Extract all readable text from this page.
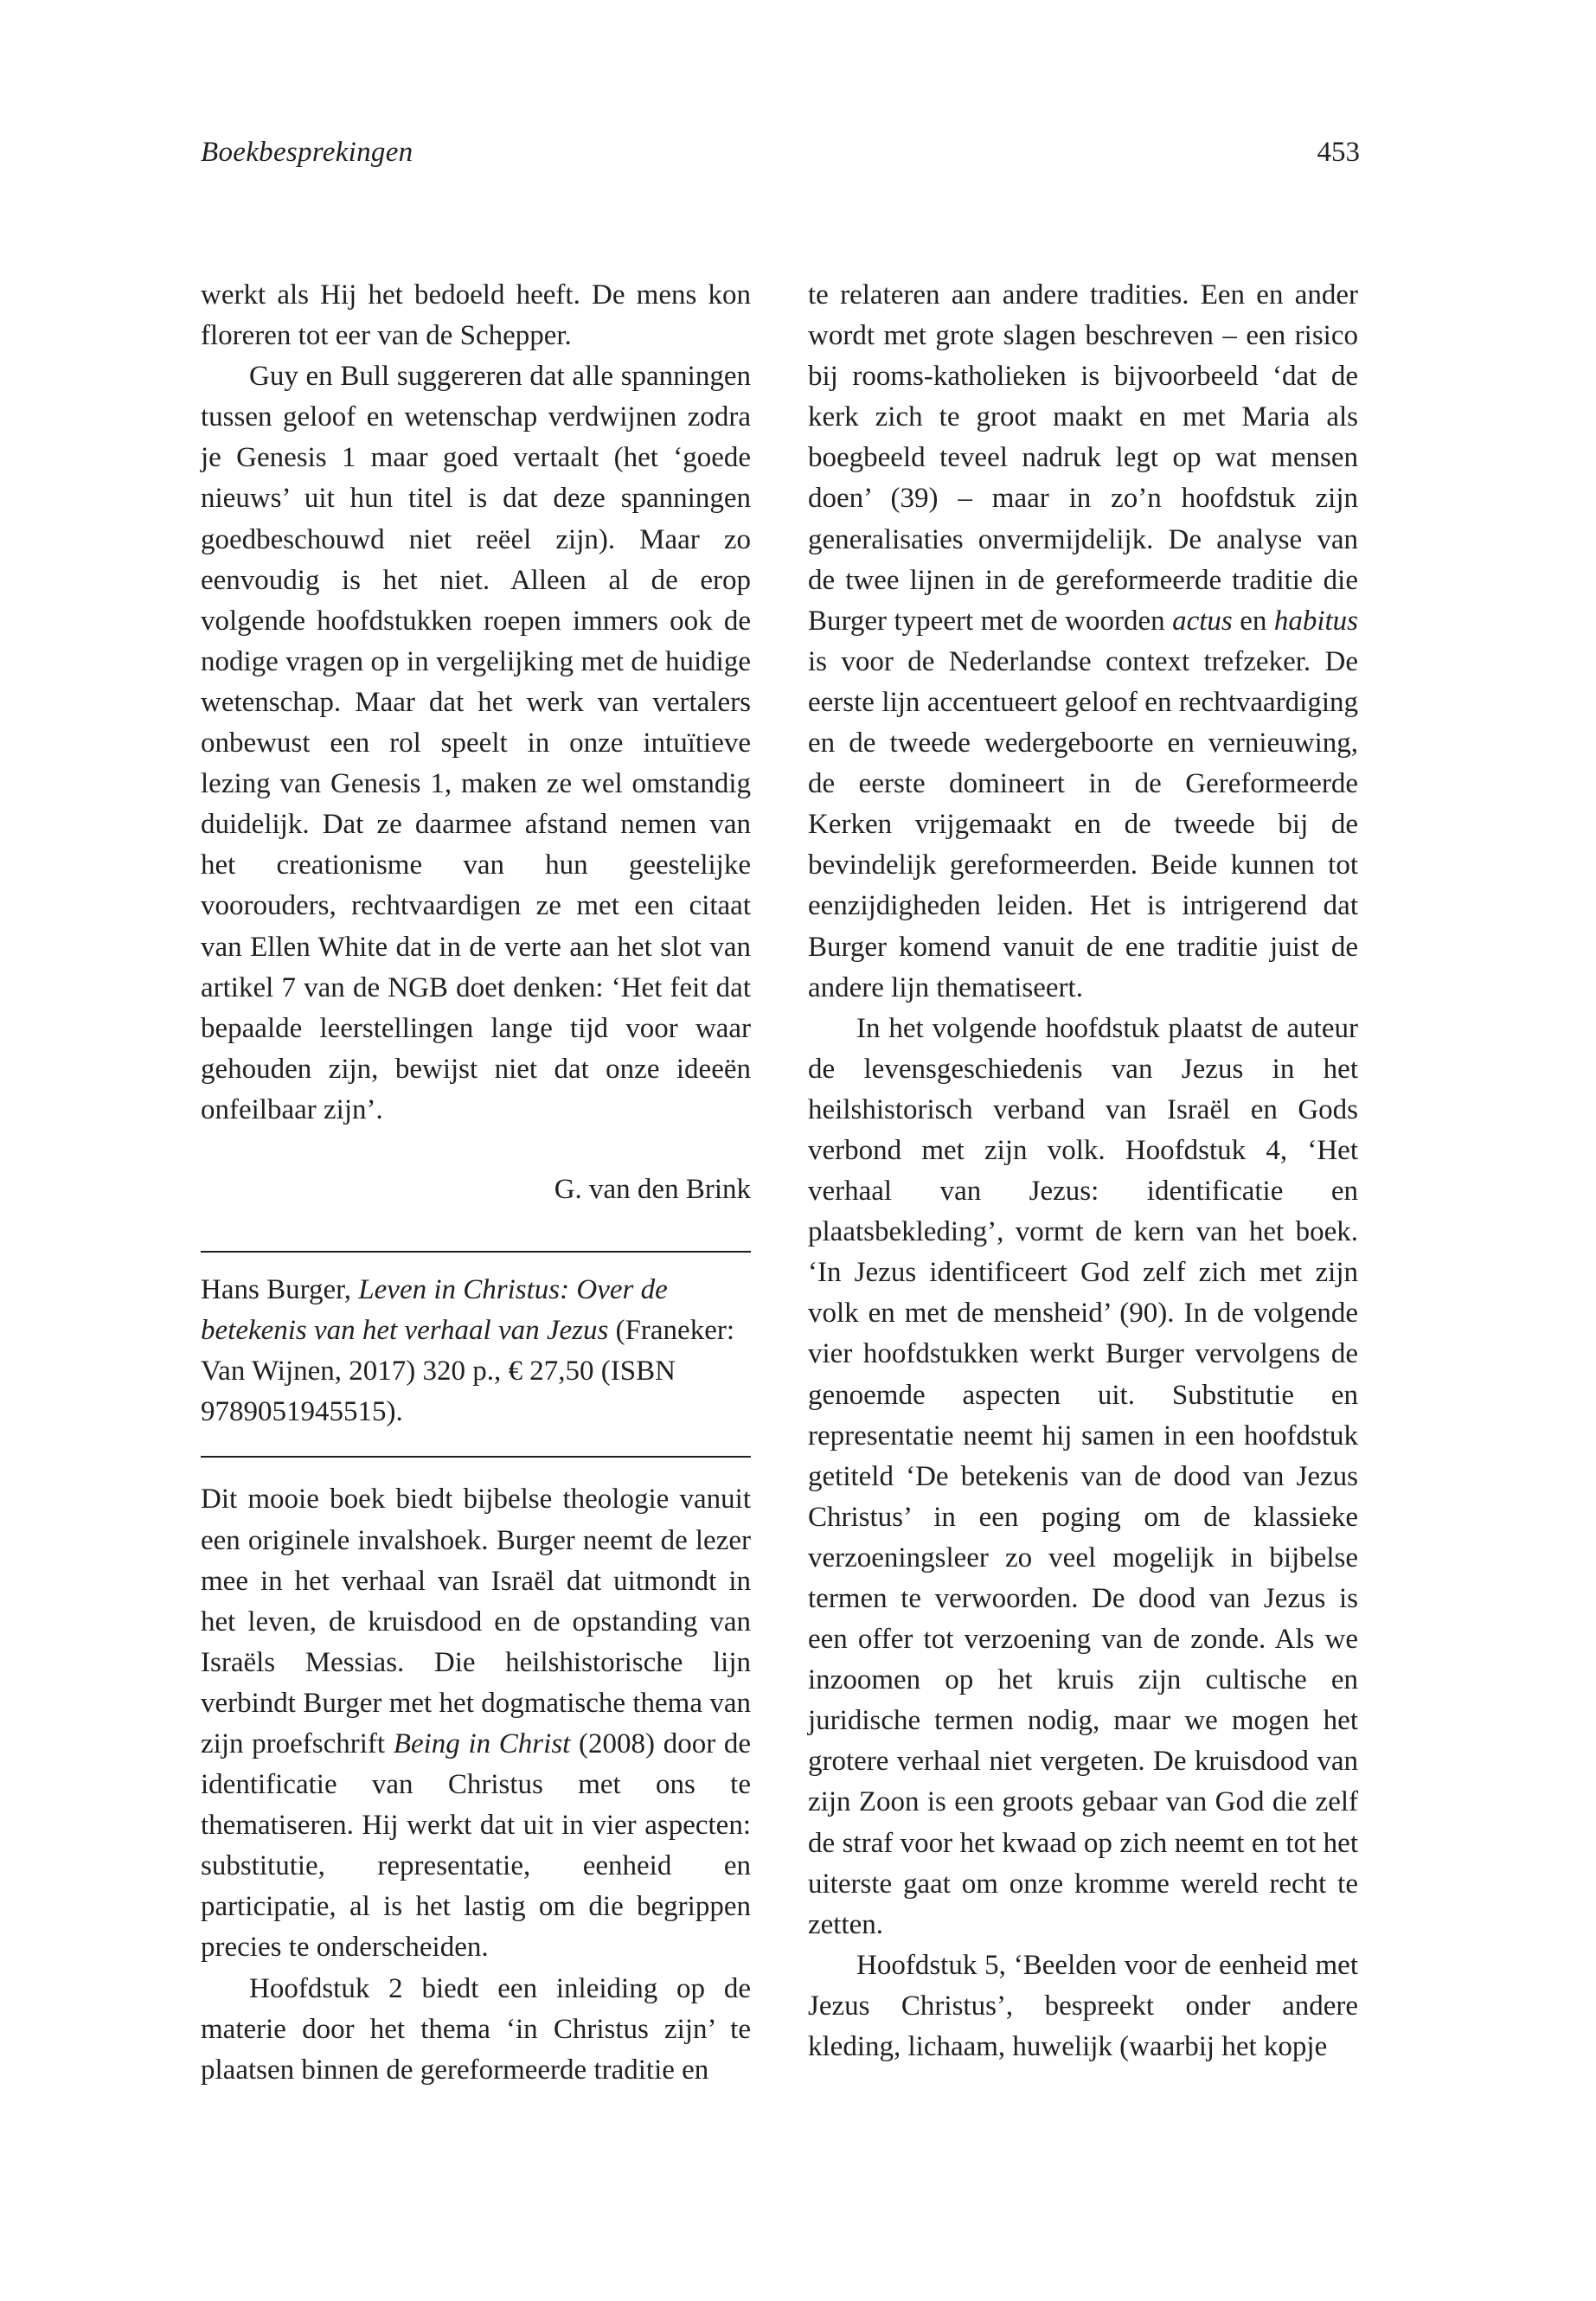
Boekbesprekingen	453

werkt als Hij het bedoeld heeft. De mens kon floreren tot eer van de Schepper.

Guy en Bull suggereren dat alle spanningen tussen geloof en wetenschap verdwijnen zodra je Genesis 1 maar goed vertaalt (het ‘goede nieuws’ uit hun titel is dat deze spanningen goedbeschouwd niet reëel zijn). Maar zo eenvoudig is het niet. Alleen al de erop volgende hoofdstukken roepen immers ook de nodige vragen op in vergelijking met de huidige wetenschap. Maar dat het werk van vertalers onbewust een rol speelt in onze intuïtieve lezing van Genesis 1, maken ze wel omstandig duidelijk. Dat ze daarmee afstand nemen van het creationisme van hun geestelijke voorouders, rechtvaardigen ze met een citaat van Ellen White dat in de verte aan het slot van artikel 7 van de NGB doet denken: ‘Het feit dat bepaalde leerstellingen lange tijd voor waar gehouden zijn, bewijst niet dat onze ideeën onfeilbaar zijn’.

G. van den Brink

Hans Burger, Leven in Christus: Over de betekenis van het verhaal van Jezus (Franeker: Van Wijnen, 2017) 320 p., € 27,50 (ISBN 9789051945515).

Dit mooie boek biedt bijbelse theologie vanuit een originele invalshoek. Burger neemt de lezer mee in het verhaal van Israël dat uitmondt in het leven, de kruisdood en de opstanding van Israëls Messias. Die heilshistorische lijn verbindt Burger met het dogmatische thema van zijn proefschrift Being in Christ (2008) door de identificatie van Christus met ons te thematiseren. Hij werkt dat uit in vier aspecten: substitutie, representatie, eenheid en participatie, al is het lastig om die begrippen precies te onderscheiden.

Hoofdstuk 2 biedt een inleiding op de materie door het thema ‘in Christus zijn’ te plaatsen binnen de gereformeerde traditie en

te relateren aan andere tradities. Een en ander wordt met grote slagen beschreven – een risico bij rooms-katholieken is bijvoorbeeld ‘dat de kerk zich te groot maakt en met Maria als boegbeeld teveel nadruk legt op wat mensen doen’ (39) – maar in zo’n hoofdstuk zijn generalisaties onvermijdelijk. De analyse van de twee lijnen in de gereformeerde traditie die Burger typeert met de woorden actus en habitus is voor de Nederlandse context trefzeker. De eerste lijn accentueert geloof en rechtvaardiging en de tweede wedergeboorte en vernieuwing, de eerste domineert in de Gereformeerde Kerken vrijgemaakt en de tweede bij de bevindelijk gereformeerden. Beide kunnen tot eenzijdigheden leiden. Het is intrigerend dat Burger komend vanuit de ene traditie juist de andere lijn thematiseert.

In het volgende hoofdstuk plaatst de auteur de levensgeschiedenis van Jezus in het heilshistorisch verband van Israël en Gods verbond met zijn volk. Hoofdstuk 4, ‘Het verhaal van Jezus: identificatie en plaatsbekleding’, vormt de kern van het boek. ‘In Jezus identificeert God zelf zich met zijn volk en met de mensheid’ (90). In de volgende vier hoofdstukken werkt Burger vervolgens de genoemde aspecten uit. Substitutie en representatie neemt hij samen in een hoofdstuk getiteld ‘De betekenis van de dood van Jezus Christus’ in een poging om de klassieke verzoeningsleer zo veel mogelijk in bijbelse termen te verwoorden. De dood van Jezus is een offer tot verzoening van de zonde. Als we inzoomen op het kruis zijn cultische en juridische termen nodig, maar we mogen het grotere verhaal niet vergeten. De kruisdood van zijn Zoon is een groots gebaar van God die zelf de straf voor het kwaad op zich neemt en tot het uiterste gaat om onze kromme wereld recht te zetten.

Hoofdstuk 5, ‘Beelden voor de eenheid met Jezus Christus’, bespreekt onder andere kleding, lichaam, huwelijk (waarbij het kopje
